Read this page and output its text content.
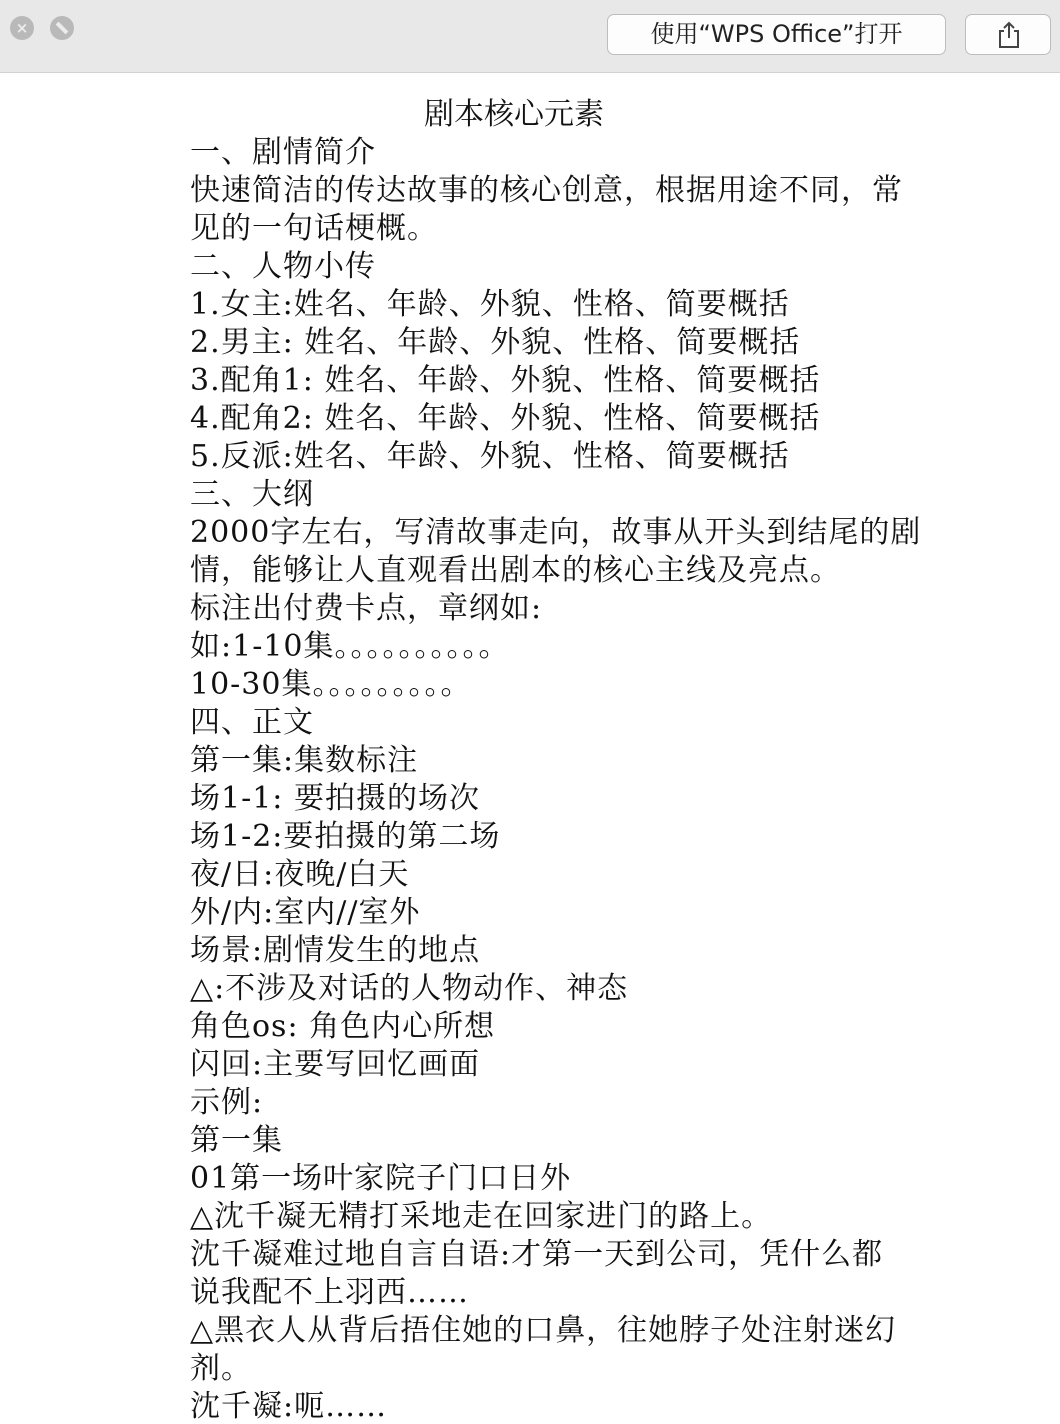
×	使用“WPS Office”打开
剧本核心元素

一、剧情简介

快速简洁的传达故事的核心创意，根据用途不同，常
见的一句话梗概。

二、人物小传

1.女主:姓名、年龄、外貌、性格、简要概括

2.男主: 姓名、年龄、外貌、性格、简要概括

3.配角1: 姓名、年龄、外貌、性格、简要概括

4.配角2: 姓名、年龄、外貌、性格、简要概括

5.反派:姓名、年龄、外貌、性格、简要概括

三、大纲

2000字左右，写清故事走向，故事从开头到结尾的剧
情，能够让人直观看出剧本的核心主线及亮点。

标注出付费卡点，章纲如:

如:1-10集。。。。。。。。。。

10-30集。。。。。。。。。

四、正文

第一集:集数标注

场1-1: 要拍摄的场次

场1-2:要拍摄的第二场

夜/日:夜晚/白天

外/内:室内//室外

场景:剧情发生的地点

△:不涉及对话的人物动作、神态

角色os: 角色内心所想

闪回:主要写回忆画面

示例:

第一集

01第一场叶家院子门口日外

△沈千凝无精打采地走在回家进门的路上。

沈千凝难过地自言自语:才第一天到公司，凭什么都
说我配不上羽西……

△黑衣人从背后捂住她的口鼻，往她脖子处注射迷幻
剂。

沈千凝:呃……
